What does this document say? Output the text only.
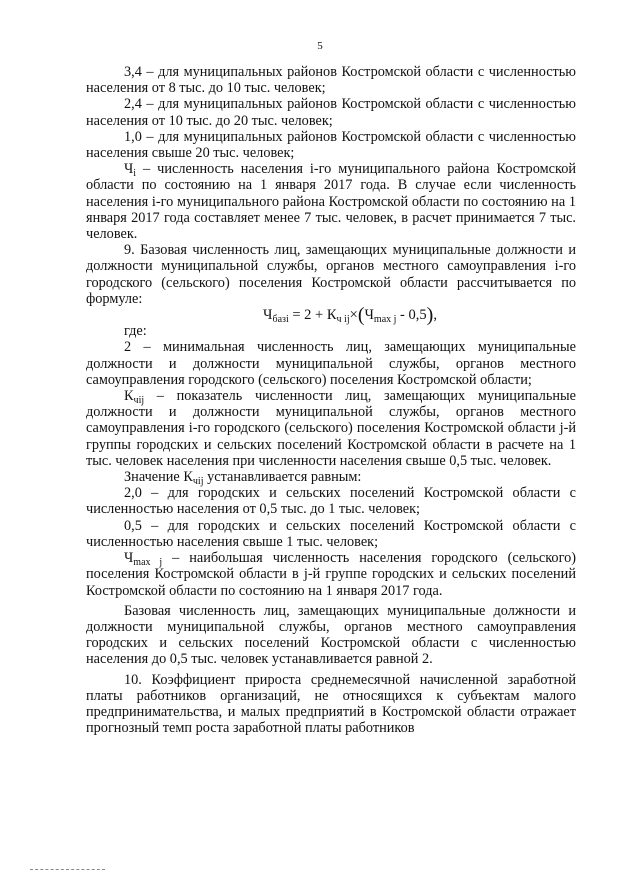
5

3,4 – для муниципальных районов Костромской области с численностью населения от 8 тыс. до 10 тыс. человек;

2,4 – для муниципальных районов Костромской области с численностью населения от 10 тыс. до 20 тыс. человек;

1,0 – для муниципальных районов Костромской области с численностью населения свыше 20 тыс. человек;

$Ч_i$ – численность населения i-го муниципального района Костромской области по состоянию на 1 января 2017 года. В случае если численность населения i-го муниципального района Костромской области по состоянию на 1 января 2017 года составляет менее 7 тыс. человек, в расчет принимается 7 тыс. человек.

9. Базовая численность лиц, замещающих муниципальные должности и должности муниципальной службы, органов местного самоуправления i-го городского (сельского) поселения Костромской области рассчитывается по формуле:

$Ч_{базi} = 2 + К_{ч ij}\times(Ч_{max j} - 0,5)$,

где:

2 – минимальная численность лиц, замещающих муниципальные должности и должности муниципальной службы, органов местного самоуправления городского (сельского) поселения Костромской области;

$К_{чij}$ – показатель численности лиц, замещающих муниципальные должности и должности муниципальной службы, органов местного самоуправления i-го городского (сельского) поселения Костромской области j-й группы городских и сельских поселений Костромской области в расчете на 1 тыс. человек населения при численности населения свыше 0,5 тыс. человек.

Значение $К_{чij}$ устанавливается равным:

2,0 – для городских и сельских поселений Костромской области с численностью населения от 0,5 тыс. до 1 тыс. человек;

0,5 – для городских и сельских поселений Костромской области с численностью населения свыше 1 тыс. человек;

$Ч_{max j}$ – наибольшая численность населения городского (сельского) поселения Костромской области в j-й группе городских и сельских поселений Костромской области по состоянию на 1 января 2017 года.

Базовая численность лиц, замещающих муниципальные должности и должности муниципальной службы, органов местного самоуправления городских и сельских поселений Костромской области с численностью населения до 0,5 тыс. человек устанавливается равной 2.

10. Коэффициент прироста среднемесячной начисленной заработной платы работников организаций, не относящихся к субъектам малого предпринимательства, и малых предприятий в Костромской области отражает прогнозный темп роста заработной платы работников
